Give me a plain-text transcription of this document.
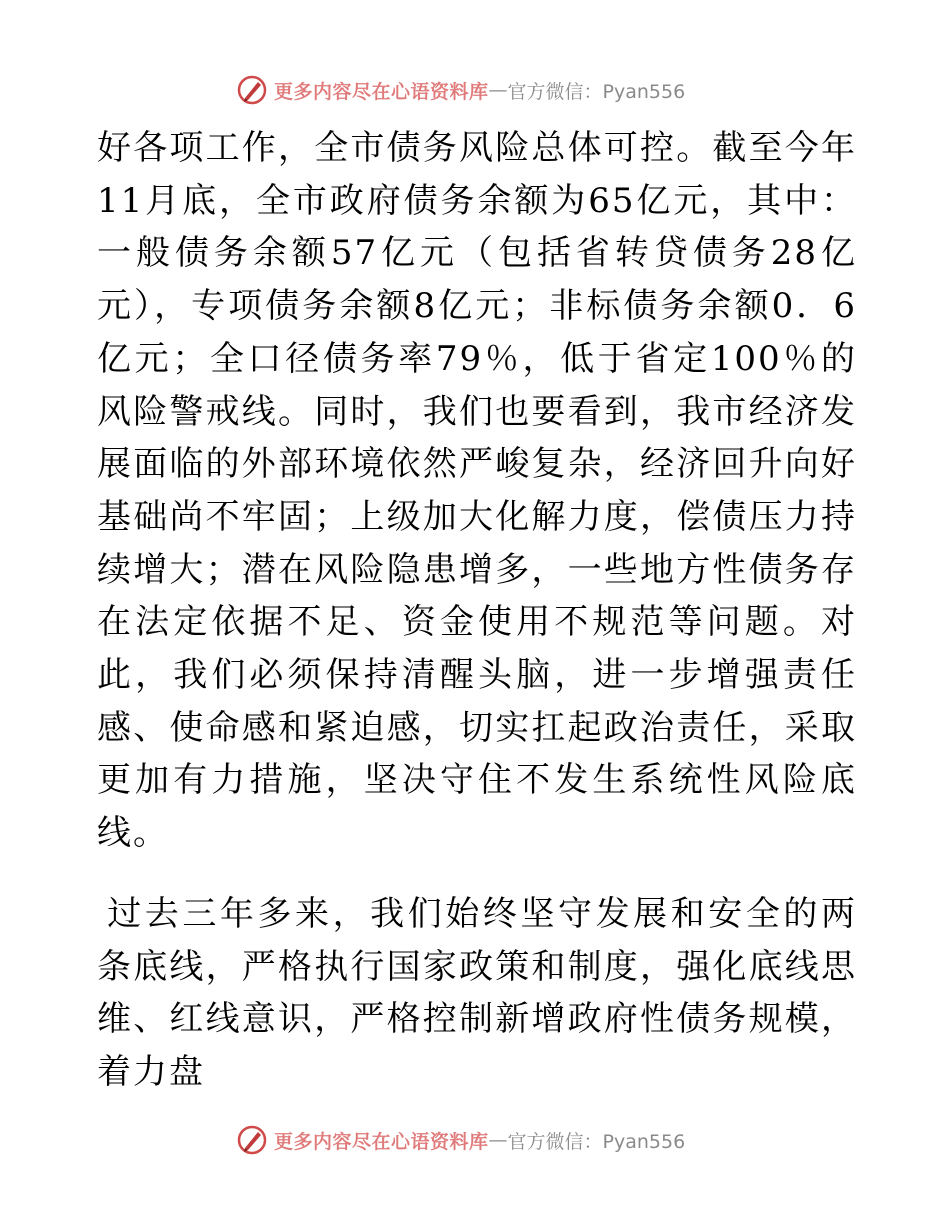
更多内容尽在心语资料库 — 官方微信：Pyan556

好各项工作，全市债务风险总体可控。截至今年11月底，全市政府债务余额为65亿元，其中：一般债务余额57亿元（包括省转贷债务28亿元），专项债务余额8亿元；非标债务余额0．6亿元；全口径债务率79％，低于省定100％的风险警戒线。同时，我们也要看到，我市经济发展面临的外部环境依然严峻复杂，经济回升向好基础尚不牢固；上级加大化解力度，偿债压力持续增大；潜在风险隐患增多，一些地方性债务存在法定依据不足、资金使用不规范等问题。对此，我们必须保持清醒头脑，进一步增强责任感、使命感和紧迫感，切实扛起政治责任，采取更加有力措施，坚决守住不发生系统性风险底线。

过去三年多来，我们始终坚守发展和安全的两条底线，严格执行国家政策和制度，强化底线思维、红线意识，严格控制新增政府性债务规模，着力盘

更多内容尽在心语资料库 — 官方微信：Pyan556
